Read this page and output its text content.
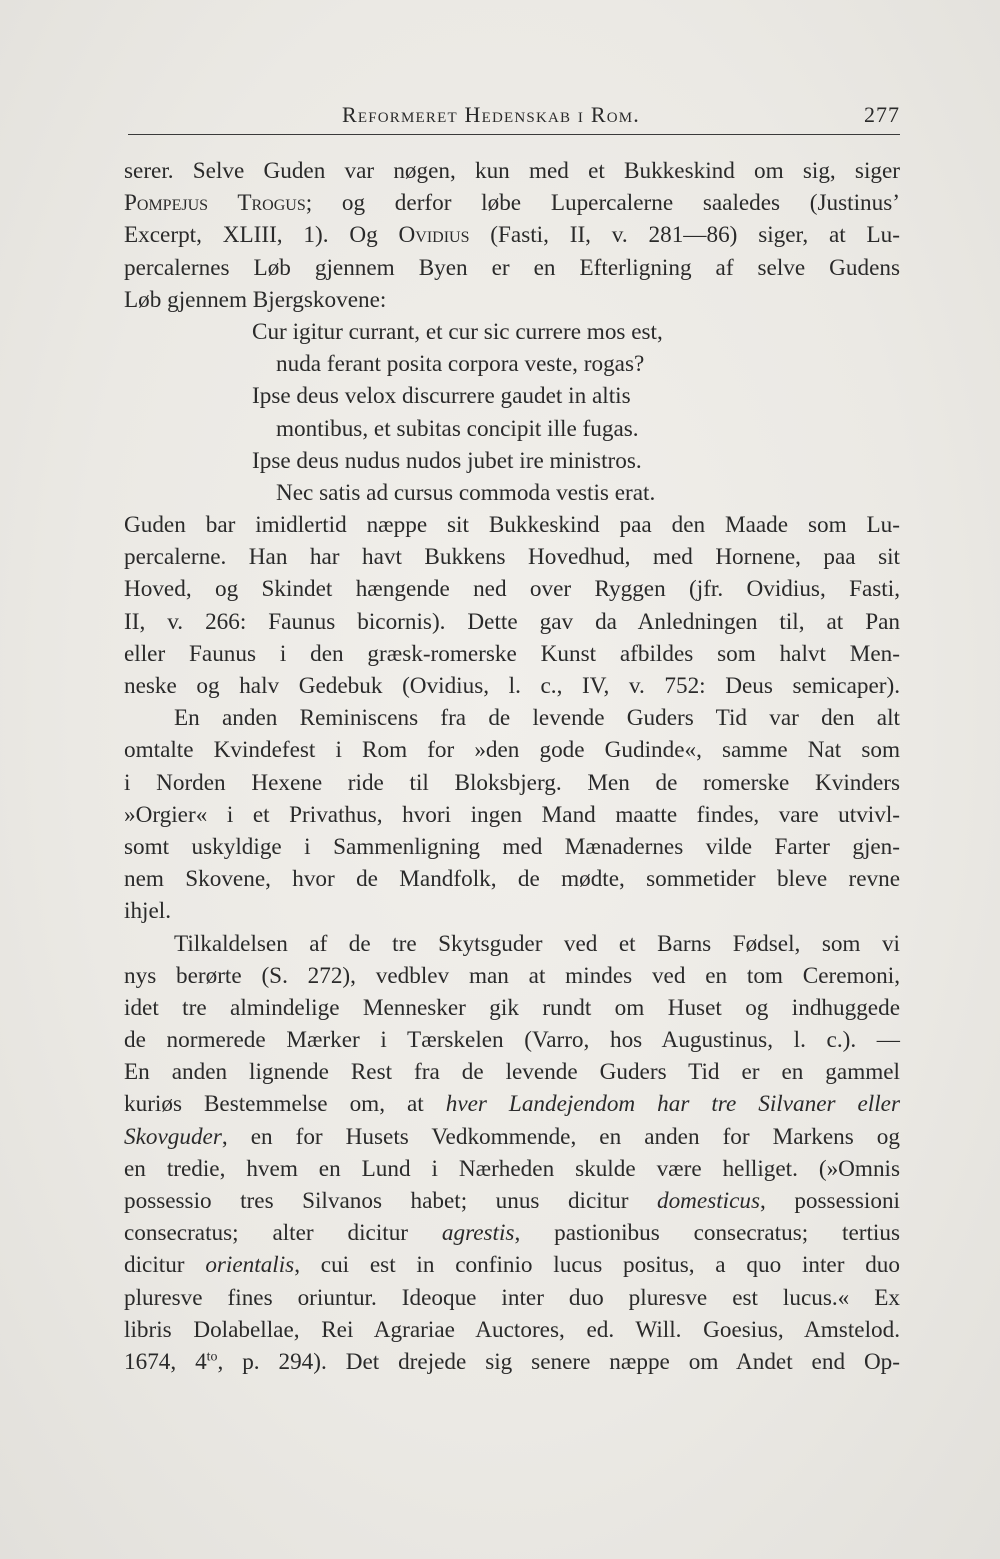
Reformeret Hedenskab i Rom.	277
serer. Selve Guden var nøgen, kun med et Bukkeskind om sig, siger
Pompejus Trogus; og derfor løbe Lupercalerne saaledes (Justinus’
Excerpt, XLIII, 1). Og Ovidius (Fasti, II, v. 281—86) siger, at Lu-
percalernes Løb gjennem Byen er en Efterligning af selve Gudens
Løb gjennem Bjergskovene:
Cur igitur currant, et cur sic currere mos est,
nuda ferant posita corpora veste, rogas?
Ipse deus velox discurrere gaudet in altis
montibus, et subitas concipit ille fugas.
Ipse deus nudus nudos jubet ire ministros.
Nec satis ad cursus commoda vestis erat.
Guden bar imidlertid næppe sit Bukkeskind paa den Maade som Lu-
percalerne. Han har havt Bukkens Hovedhud, med Hornene, paa sit
Hoved, og Skindet hængende ned over Ryggen (jfr. Ovidius, Fasti,
II, v. 266: Faunus bicornis). Dette gav da Anledningen til, at Pan
eller Faunus i den græsk-romerske Kunst afbildes som halvt Men-
neske og halv Gedebuk (Ovidius, l. c., IV, v. 752: Deus semicaper).
En anden Reminiscens fra de levende Guders Tid var den alt
omtalte Kvindefest i Rom for »den gode Gudinde«, samme Nat som
i Norden Hexene ride til Bloksbjerg. Men de romerske Kvinders
»Orgier« i et Privathus, hvori ingen Mand maatte findes, vare utvivl-
somt uskyldige i Sammenligning med Mænadernes vilde Farter gjen-
nem Skovene, hvor de Mandfolk, de mødte, sommetider bleve revne
ihjel.
Tilkaldelsen af de tre Skytsguder ved et Barns Fødsel, som vi
nys berørte (S. 272), vedblev man at mindes ved en tom Ceremoni,
idet tre almindelige Mennesker gik rundt om Huset og indhuggede
de normerede Mærker i Tærskelen (Varro, hos Augustinus, l. c.). —
En anden lignende Rest fra de levende Guders Tid er en gammel
kuriøs Bestemmelse om, at hver Landejendom har tre Silvaner eller
Skovguder, en for Husets Vedkommende, en anden for Markens og
en tredie, hvem en Lund i Nærheden skulde være helliget. (»Omnis
possessio tres Silvanos habet; unus dicitur domesticus, possessioni
consecratus; alter dicitur agrestis, pastionibus consecratus; tertius
dicitur orientalis, cui est in confinio lucus positus, a quo inter duo
pluresve fines oriuntur. Ideoque inter duo pluresve est lucus.« Ex
libris Dolabellae, Rei Agrariae Auctores, ed. Will. Goesius, Amstelod.
1674, $4^{to}$, p. 294). Det drejede sig senere næppe om Andet end Op-
